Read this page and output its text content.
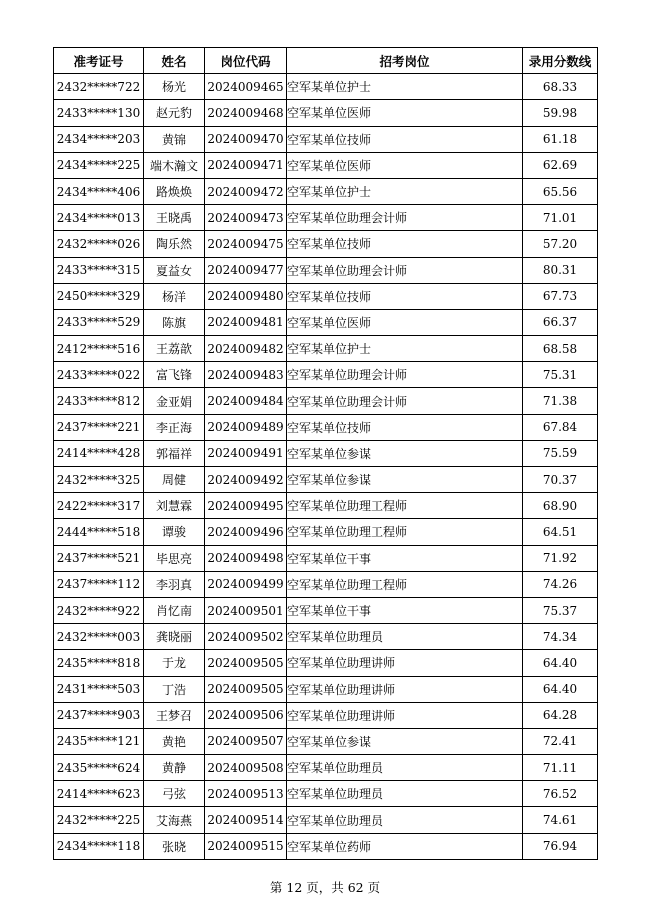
准考证号	姓名	岗位代码	招考岗位	录用分数线
2432*****722	杨光	2024009465	空军某单位护士	68.33
2433*****130	赵元豹	2024009468	空军某单位医师	59.98
2434*****203	黄锦	2024009470	空军某单位技师	61.18
2434*****225	端木瀚文	2024009471	空军某单位医师	62.69
2434*****406	路焕焕	2024009472	空军某单位护士	65.56
2434*****013	王晓禹	2024009473	空军某单位助理会计师	71.01
2432*****026	陶乐然	2024009475	空军某单位技师	57.20
2433*****315	夏益女	2024009477	空军某单位助理会计师	80.31
2450*****329	杨洋	2024009480	空军某单位技师	67.73
2433*****529	陈旗	2024009481	空军某单位医师	66.37
2412*****516	王荔歆	2024009482	空军某单位护士	68.58
2433*****022	富飞锋	2024009483	空军某单位助理会计师	75.31
2433*****812	金亚娟	2024009484	空军某单位助理会计师	71.38
2437*****221	李正海	2024009489	空军某单位技师	67.84
2414*****428	郭福祥	2024009491	空军某单位参谋	75.59
2432*****325	周健	2024009492	空军某单位参谋	70.37
2422*****317	刘慧霖	2024009495	空军某单位助理工程师	68.90
2444*****518	谭骏	2024009496	空军某单位助理工程师	64.51
2437*****521	毕思亮	2024009498	空军某单位干事	71.92
2437*****112	李羽真	2024009499	空军某单位助理工程师	74.26
2432*****922	肖忆南	2024009501	空军某单位干事	75.37
2432*****003	龚晓丽	2024009502	空军某单位助理员	74.34
2435*****818	于龙	2024009505	空军某单位助理讲师	64.40
2431*****503	丁浩	2024009505	空军某单位助理讲师	64.40
2437*****903	王梦召	2024009506	空军某单位助理讲师	64.28
2435*****121	黄艳	2024009507	空军某单位参谋	72.41
2435*****624	黄静	2024009508	空军某单位助理员	71.11
2414*****623	弓弦	2024009513	空军某单位助理员	76.52
2432*****225	艾海燕	2024009514	空军某单位助理员	74.61
2434*****118	张晓	2024009515	空军某单位药师	76.94
第 12 页，共 62 页
